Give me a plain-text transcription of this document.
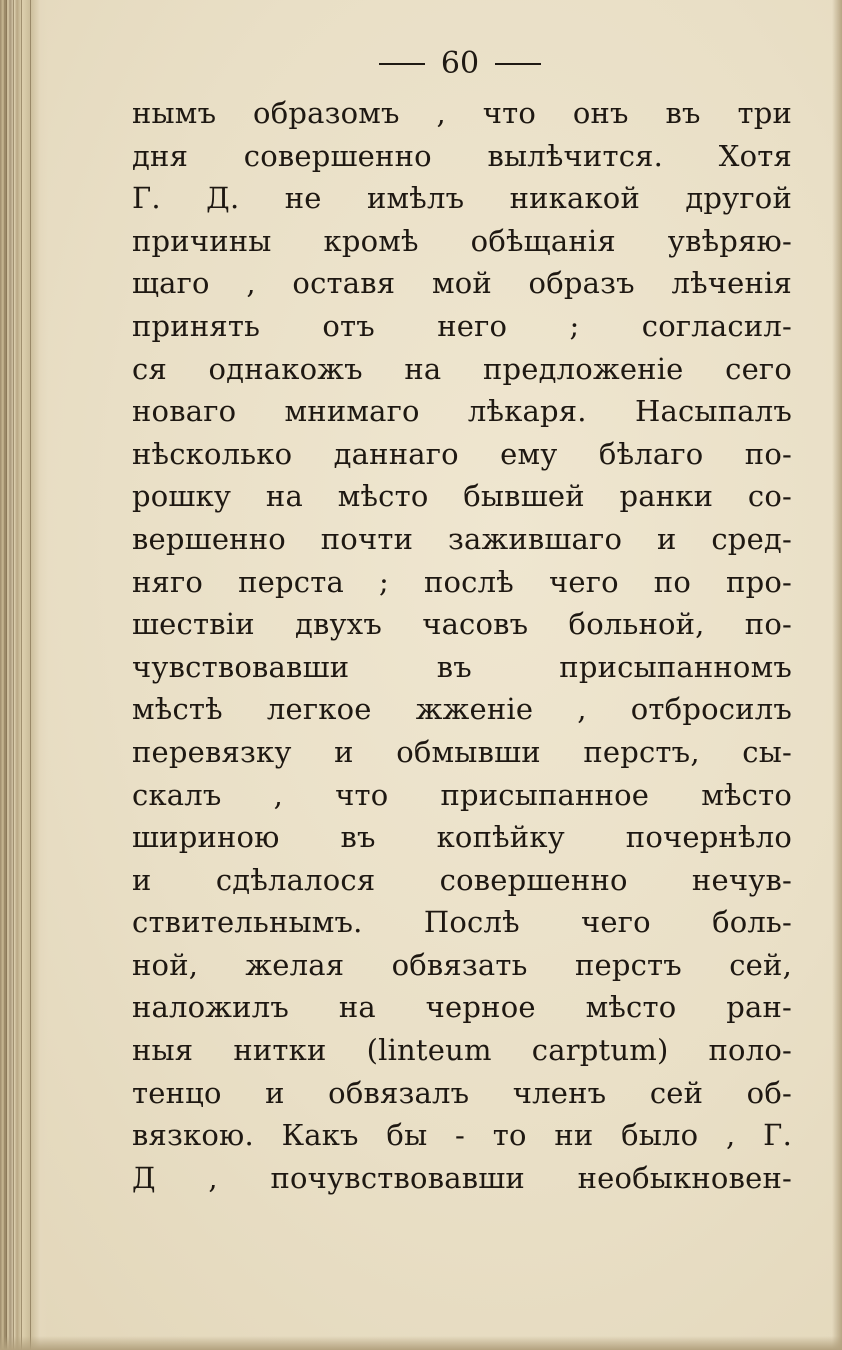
60
нымъ образомъ , что онъ въ три
дня совершенно вылѣчится. Хотя
Г. Д. не имѣлъ никакой другой
причины кромѣ обѣщанія увѣряю-
щаго , оставя мой образъ лѣченія
принять отъ него ; согласил-
ся однакожъ на предложеніе сего
новаго мнимаго лѣкаря. Насыпалъ
нѣсколько даннаго ему бѣлаго по-
рошку на мѣсто бывшей ранки со-
вершенно почти зажившаго и сред-
няго перста ; послѣ чего по про-
шествіи двухъ часовъ больной, по-
чувствовавши въ присыпанномъ
мѣстѣ легкое жженіе , отбросилъ
перевязку и обмывши перстъ, сы-
скалъ , что присыпанное мѣсто
шириною въ копѣйку почернѣло
и сдѣлалося совершенно нечув-
ствительнымъ. Послѣ чего боль-
ной, желая обвязать перстъ сей,
наложилъ на черное мѣсто ран-
ныя нитки (linteum carptum) поло-
тенцо и обвязалъ членъ сей об-
вязкою. Какъ бы - то ни было , Г.
Д , почувствовавши необыкновен-
